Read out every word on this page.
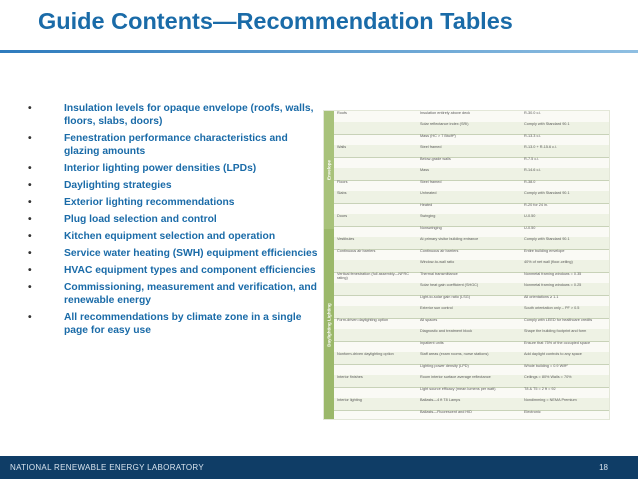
Guide Contents—Recommendation Tables
•	Insulation levels for opaque envelope (roofs, walls, floors, slabs, doors)
•	Fenestration performance characteristics and glazing amounts
•	Interior lighting power densities (LPDs)
•	Daylighting strategies
•	Exterior lighting recommendations
•	Plug load selection and control
•	Kitchen equipment selection and operation
•	Service water heating (SWH) equipment efficiencies
•	HVAC equipment types and component efficiencies
•	Commissioning, measurement and verification, and renewable energy
•	All recommendations by climate zone in a single page for easy use
Envelope
Daylighting Lighting
Roofs	Insulation entirely above deck	R-30.0 c.i.
Solar reflectance index (SRI)	Comply with Standard 90.1
Mass (HC > 7 Btu/ft²)	R-13.3 c.i.
Walls	Steel framed	R-13.0 + R-15.6 c.i.
Below-grade walls	R-7.5 c.i.
Mass	R-14.6 c.i.
Floors	Steel framed	R-38.0
Slabs	Unheated	Comply with Standard 90.1
Heated	R-20 for 24 in.
Doors	Swinging	U-0.50
Nonswinging	U-0.50
Vestibules	At primary visitor building entrance	Comply with Standard 90.1
Continuous air barriers	Continuous air barriers	Entire building envelope
Window-to-wall ratio	40% of net wall (floor-ceiling)
Vertical fenestration (full assembly—NFRC rating)
Thermal transmittance	Nonmetal framing windows = 0.35
Solar heat gain coefficient (SHGC)	Nonmetal framing windows = 0.25
Light-to-solar gain ratio (LSG)	All orientations ≥ 1.1
Exterior sun control	South orientation only – PF > 0.5
Form-driven daylighting option	All spaces	Comply with LEED for healthcare credits
Diagnostic and treatment block	Shape the building footprint and form
Inpatient units	Ensure that 75% of the occupied space
Nonform-driven daylighting option	Staff areas (exam rooms, nurse stations)	Add daylight controls to any space
Lighting power density (LPD)	Whole building = 0.9 W/ft²
Interior finishes	Room interior surface average reflectance	Ceilings = 80% Walls = 70%
Light source efficacy (mean lumens per watt)	T8 & T5 = 2 ft = 92
Interior lighting	Ballasts—4 ft T8 Lamps	Nondimming = NEMA Premium
Ballasts—Fluorescent and HID	Electronic
NATIONAL RENEWABLE ENERGY LABORATORY	18
